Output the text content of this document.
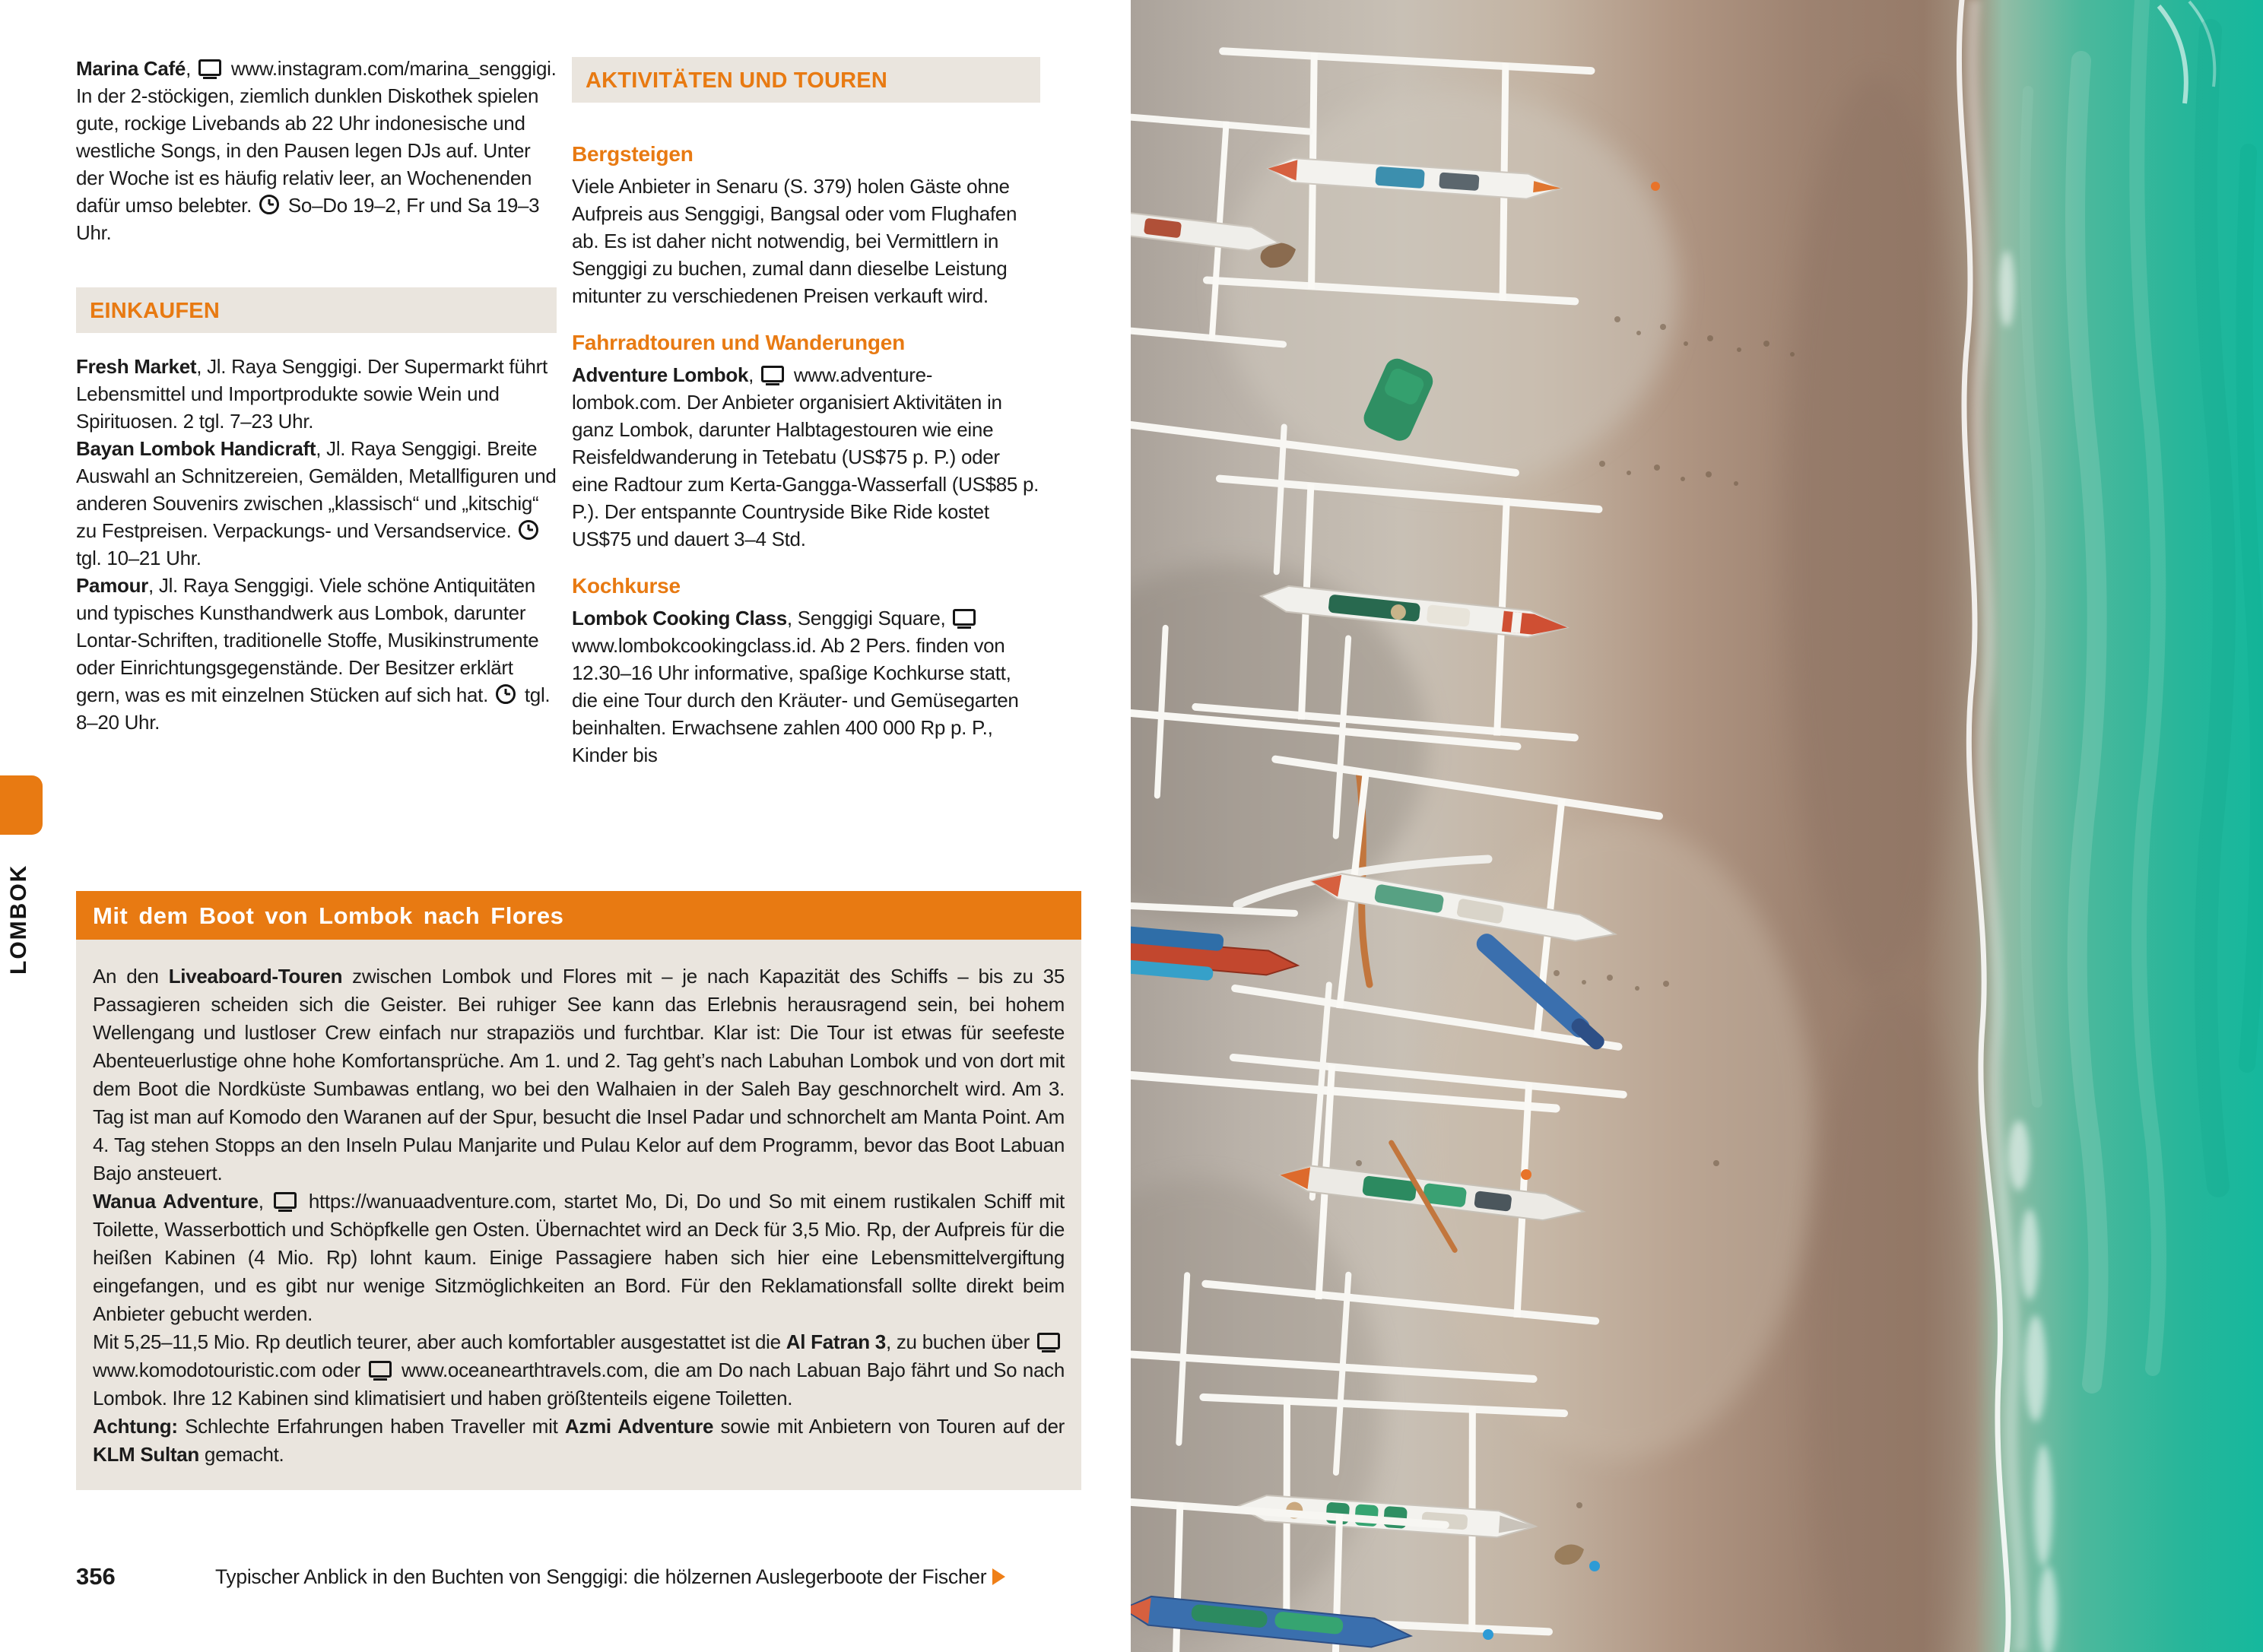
LOMBOK

Marina Café,  www.instagram.com/marina_senggigi. In der 2-stöckigen, ziemlich dunklen Diskothek spielen gute, rockige Livebands ab 22 Uhr indonesische und westliche Songs, in den Pausen legen DJs auf. Unter der Woche ist es häufig relativ leer, an Wochenenden dafür umso belebter.  So–Do 19–2, Fr und Sa 19–3 Uhr.

EINKAUFEN

Fresh Market, Jl. Raya Senggigi. Der Supermarkt führt Lebensmittel und Importprodukte sowie Wein und Spirituosen. 2 tgl. 7–23 Uhr.

Bayan Lombok Handicraft, Jl. Raya Senggigi. Breite Auswahl an Schnitzereien, Gemälden, Metallfiguren und anderen Souvenirs zwischen „klassisch“ und „kitschig“ zu Festpreisen. Verpackungs- und Versandservice.  tgl. 10–21 Uhr.

Pamour, Jl. Raya Senggigi. Viele schöne Antiquitäten und typisches Kunsthandwerk aus Lombok, darunter Lontar-Schriften, traditionelle Stoffe, Musikinstrumente oder Einrichtungsgegenstände. Der Besitzer erklärt gern, was es mit einzelnen Stücken auf sich hat.  tgl. 8–20 Uhr.

AKTIVITÄTEN UND TOUREN
Bergsteigen

Viele Anbieter in Senaru (S. 379) holen Gäste ohne Aufpreis aus Senggigi, Bangsal oder vom Flughafen ab. Es ist daher nicht notwendig, bei Vermittlern in Senggigi zu buchen, zumal dann dieselbe Leistung mitunter zu verschiedenen Preisen verkauft wird.

Fahrradtouren und Wanderungen

Adventure Lombok,  www.adventure-lombok.com. Der Anbieter organisiert Aktivitäten in ganz Lombok, darunter Halbtagestouren wie eine Reisfeldwanderung in Tetebatu (US$75 p. P.) oder eine Radtour zum Kerta-Gangga-Wasserfall (US$85 p. P.). Der entspannte Countryside Bike Ride kostet US$75 und dauert 3–4 Std.

Kochkurse

Lombok Cooking Class, Senggigi Square,  www.lombokcookingclass.id. Ab 2 Pers. finden von 12.30–16 Uhr informative, spaßige Kochkurse statt, die eine Tour durch den Kräuter- und Gemüsegarten beinhalten. Erwachsene zahlen 400 000 Rp p. P., Kinder bis

Mit dem Boot von Lombok nach Flores

An den Liveaboard-Touren zwischen Lombok und Flores mit – je nach Kapazität des Schiffs – bis zu 35 Passagieren scheiden sich die Geister. Bei ruhiger See kann das Erlebnis herausragend sein, bei hohem Wellengang und lustloser Crew einfach nur strapaziös und furchtbar. Klar ist: Die Tour ist etwas für seefeste Abenteuerlustige ohne hohe Komfortansprüche. Am 1. und 2. Tag geht’s nach Labuhan Lombok und von dort mit dem Boot die Nordküste Sumbawas entlang, wo bei den Walhaien in der Saleh Bay geschnorchelt wird. Am 3. Tag ist man auf Komodo den Waranen auf der Spur, besucht die Insel Padar und schnorchelt am Manta Point. Am 4. Tag stehen Stopps an den Inseln Pulau Manjarite und Pulau Kelor auf dem Programm, bevor das Boot Labuan Bajo ansteuert.

Wanua Adventure,  https://wanuaadventure.com, startet Mo, Di, Do und So mit einem rustikalen Schiff mit Toilette, Wasserbottich und Schöpfkelle gen Osten. Übernachtet wird an Deck für 3,5 Mio. Rp, der Aufpreis für die heißen Kabinen (4 Mio. Rp) lohnt kaum. Einige Passagiere haben sich hier eine Lebensmittelvergiftung eingefangen, und es gibt nur wenige Sitzmöglichkeiten an Bord. Für den Reklamationsfall sollte direkt beim Anbieter gebucht werden.

Mit 5,25–11,5 Mio. Rp deutlich teurer, aber auch komfortabler ausgestattet ist die Al Fatran 3, zu buchen über  www.komodotouristic.com oder  www.oceanearthtravels.com, die am Do nach Labuan Bajo fährt und So nach Lombok. Ihre 12 Kabinen sind klimatisiert und haben größtenteils eigene Toiletten.

Achtung: Schlechte Erfahrungen haben Traveller mit Azmi Adventure sowie mit Anbietern von Touren auf der KLM Sultan gemacht.

356	Typischer Anblick in den Buchten von Senggigi: die hölzernen Auslegerboote der Fischer
